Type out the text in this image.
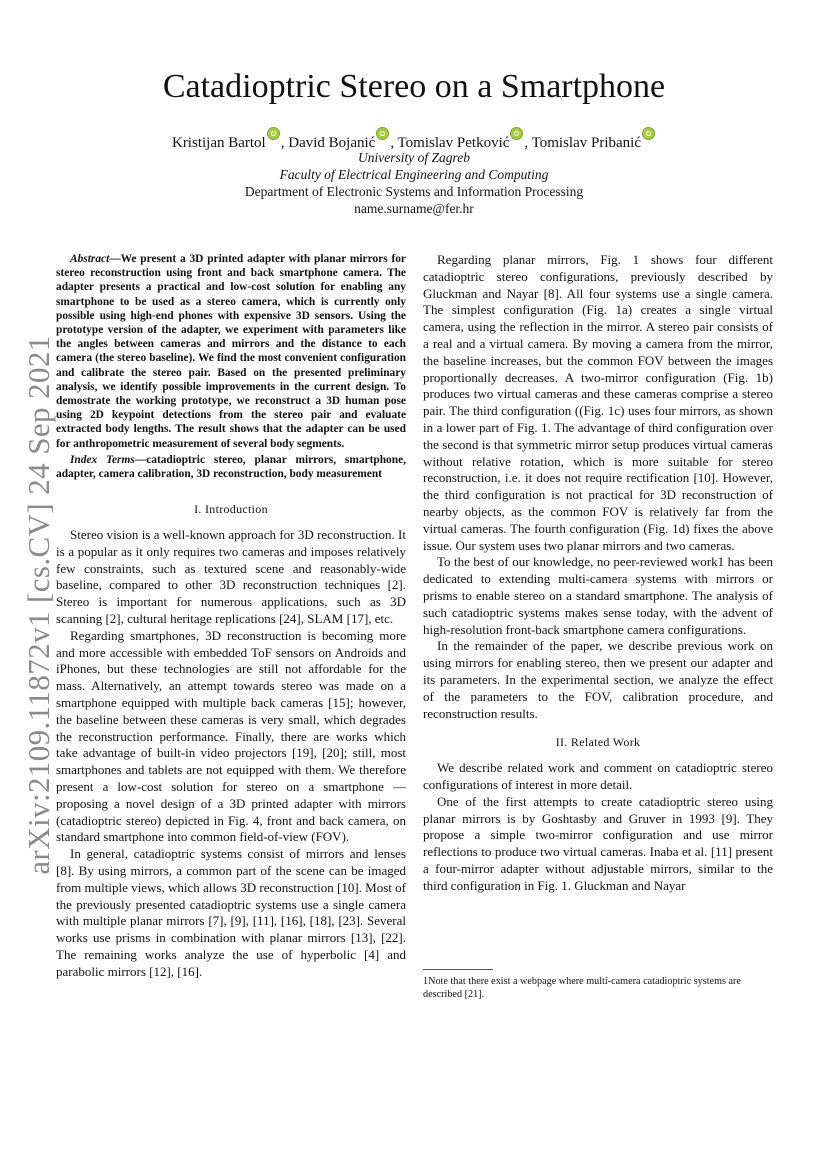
arXiv:2109.11872v1 [cs.CV] 24 Sep 2021
Catadioptric Stereo on a Smartphone
Kristijan Bartol , David Bojanić , Tomislav Petković , Tomislav Pribanić
University of Zagreb
Faculty of Electrical Engineering and Computing
Department of Electronic Systems and Information Processing
name.surname@fer.hr

Abstract—We present a 3D printed adapter with planar mirrors for stereo reconstruction using front and back smartphone camera. The adapter presents a practical and low-cost solution for enabling any smartphone to be used as a stereo camera, which is currently only possible using high-end phones with expensive 3D sensors. Using the prototype version of the adapter, we experiment with parameters like the angles between cameras and mirrors and the distance to each camera (the stereo baseline). We find the most convenient configuration and calibrate the stereo pair. Based on the presented preliminary analysis, we identify possible improvements in the current design. To demostrate the working prototype, we reconstruct a 3D human pose using 2D keypoint detections from the stereo pair and evaluate extracted body lengths. The result shows that the adapter can be used for anthropometric measurement of several body segments.

Index Terms—catadioptric stereo, planar mirrors, smartphone, adapter, camera calibration, 3D reconstruction, body measurement

I. Introduction

Stereo vision is a well-known approach for 3D reconstruction. It is a popular as it only requires two cameras and imposes relatively few constraints, such as textured scene and reasonably-wide baseline, compared to other 3D reconstruction techniques [2]. Stereo is important for numerous applications, such as 3D scanning [2], cultural heritage replications [24], SLAM [17], etc.

Regarding smartphones, 3D reconstruction is becoming more and more accessible with embedded ToF sensors on Androids and iPhones, but these technologies are still not affordable for the mass. Alternatively, an attempt towards stereo was made on a smartphone equipped with multiple back cameras [15]; however, the baseline between these cameras is very small, which degrades the reconstruction performance. Finally, there are works which take advantage of built-in video projectors [19], [20]; still, most smartphones and tablets are not equipped with them. We therefore present a low-cost solution for stereo on a smartphone — proposing a novel design of a 3D printed adapter with mirrors (catadioptric stereo) depicted in Fig. 4, front and back camera, on standard smartphone into common field-of-view (FOV).

In general, catadioptric systems consist of mirrors and lenses [8]. By using mirrors, a common part of the scene can be imaged from multiple views, which allows 3D reconstruction [10]. Most of the previously presented catadioptric systems use a single camera with multiple planar mirrors [7], [9], [11], [16], [18], [23]. Several works use prisms in combination with planar mirrors [13], [22]. The remaining works analyze the use of hyperbolic [4] and parabolic mirrors [12], [16].

Regarding planar mirrors, Fig. 1 shows four different catadioptric stereo configurations, previously described by Gluckman and Nayar [8]. All four systems use a single camera. The simplest configuration (Fig. 1a) creates a single virtual camera, using the reflection in the mirror. A stereo pair consists of a real and a virtual camera. By moving a camera from the mirror, the baseline increases, but the common FOV between the images proportionally decreases. A two-mirror configuration (Fig. 1b) produces two virtual cameras and these cameras comprise a stereo pair. The third configuration ((Fig. 1c) uses four mirrors, as shown in a lower part of Fig. 1. The advantage of third configuration over the second is that symmetric mirror setup produces virtual cameras without relative rotation, which is more suitable for stereo reconstruction, i.e. it does not require rectification [10]. However, the third configuration is not practical for 3D reconstruction of nearby objects, as the common FOV is relatively far from the virtual cameras. The fourth configuration (Fig. 1d) fixes the above issue. Our system uses two planar mirrors and two cameras.

To the best of our knowledge, no peer-reviewed work1 has been dedicated to extending multi-camera systems with mirrors or prisms to enable stereo on a standard smartphone. The analysis of such catadioptric systems makes sense today, with the advent of high-resolution front-back smartphone camera configurations.

In the remainder of the paper, we describe previous work on using mirrors for enabling stereo, then we present our adapter and its parameters. In the experimental section, we analyze the effect of the parameters to the FOV, calibration procedure, and reconstruction results.

II. Related Work

We describe related work and comment on catadioptric stereo configurations of interest in more detail.

One of the first attempts to create catadioptric stereo using planar mirrors is by Goshtasby and Gruver in 1993 [9]. They propose a simple two-mirror configuration and use mirror reflections to produce two virtual cameras. Inaba et al. [11] present a four-mirror adapter without adjustable mirrors, similar to the third configuration in Fig. 1. Gluckman and Nayar

1Note that there exist a webpage where multi-camera catadioptric systems are described [21].
